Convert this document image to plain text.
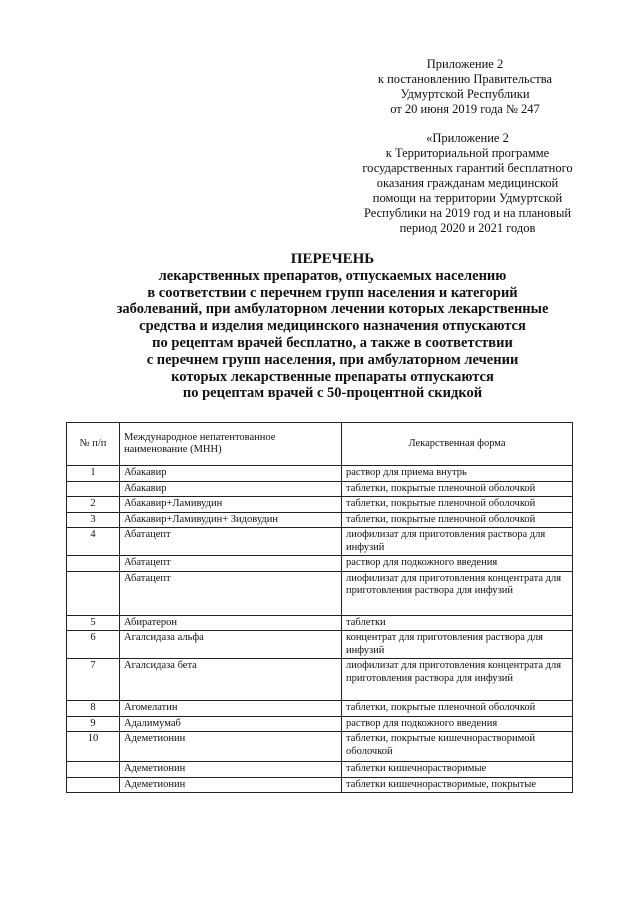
Приложение 2
к постановлению Правительства
Удмуртской Республики
от 20 июня 2019 года № 247
«Приложение 2
к Территориальной программе
государственных гарантий бесплатного
оказания гражданам медицинской
помощи на территории Удмуртской
Республики на 2019 год и на плановый
период 2020 и 2021 годов
ПЕРЕЧЕНЬ
лекарственных препаратов, отпускаемых населению
в соответствии с перечнем групп населения и категорий
заболеваний, при амбулаторном лечении которых лекарственные
средства и изделия медицинского назначения отпускаются
по рецептам врачей бесплатно, а также в соответствии
с перечнем групп населения, при амбулаторном лечении
которых лекарственные препараты отпускаются
по рецептам врачей с 50-процентной скидкой
№ п/п	Международное непатентованное наименование (МНН)	Лекарственная форма
1	Абакавир	раствор для приема внутрь
	Абакавир	таблетки, покрытые пленочной оболочкой
2	Абакавир+Ламивудин	таблетки, покрытые пленочной оболочкой
3	Абакавир+Ламивудин+ Зидовудин	таблетки, покрытые пленочной оболочкой
4	Абатацепт	лиофилизат для приготовления раствора для инфузий
	Абатацепт	раствор для подкожного введения
	Абатацепт	лиофилизат для приготовления концентрата для приготовления раствора для инфузий
5	Абиратерон	таблетки
6	Агалсидаза альфа	концентрат для приготовления раствора для инфузий
7	Агалсидаза бета	лиофилизат для приготовления концентрата для приготовления раствора для инфузий
8	Агомелатин	таблетки, покрытые пленочной оболочкой
9	Адалимумаб	раствор для подкожного введения
10	Адеметионин	таблетки, покрытые кишечнорастворимой оболочкой
	Адеметионин	таблетки кишечнорастворимые
	Адеметионин	таблетки кишечнорастворимые, покрытые
